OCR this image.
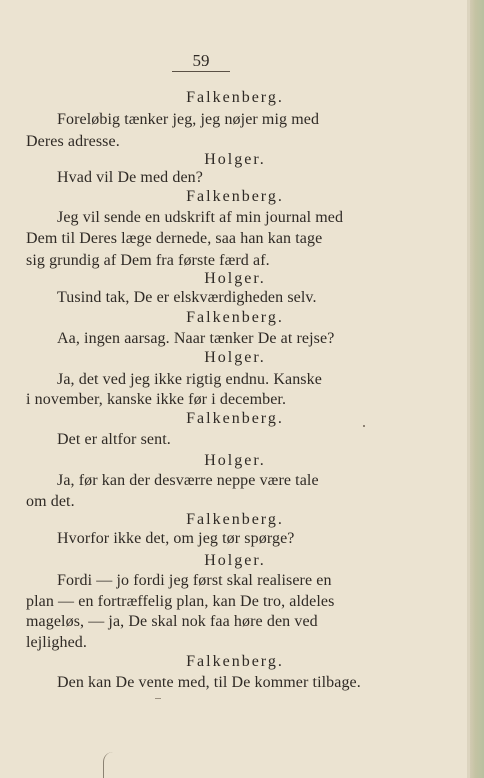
59
Falkenberg.
Foreløbig tænker jeg, jeg nøjer mig med
Deres adresse.
Holger.
Hvad vil De med den?
Falkenberg.
Jeg vil sende en udskrift af min journal med
Dem til Deres læge dernede, saa han kan tage
sig grundig af Dem fra første færd af.
Holger.
Tusind tak, De er elskværdigheden selv.
Falkenberg.
Aa, ingen aarsag. Naar tænker De at rejse?
Holger.
Ja, det ved jeg ikke rigtig endnu. Kanske
i november, kanske ikke før i december.
Falkenberg.
Det er altfor sent.
Holger.
Ja, før kan der desværre neppe være tale
om det.
Falkenberg.
Hvorfor ikke det, om jeg tør spørge?
Holger.
Fordi — jo fordi jeg først skal realisere en
plan — en fortræffelig plan, kan De tro, aldeles
mageløs, — ja, De skal nok faa høre den ved
lejlighed.
Falkenberg.
Den kan De vente med, til De kommer tilbage.
